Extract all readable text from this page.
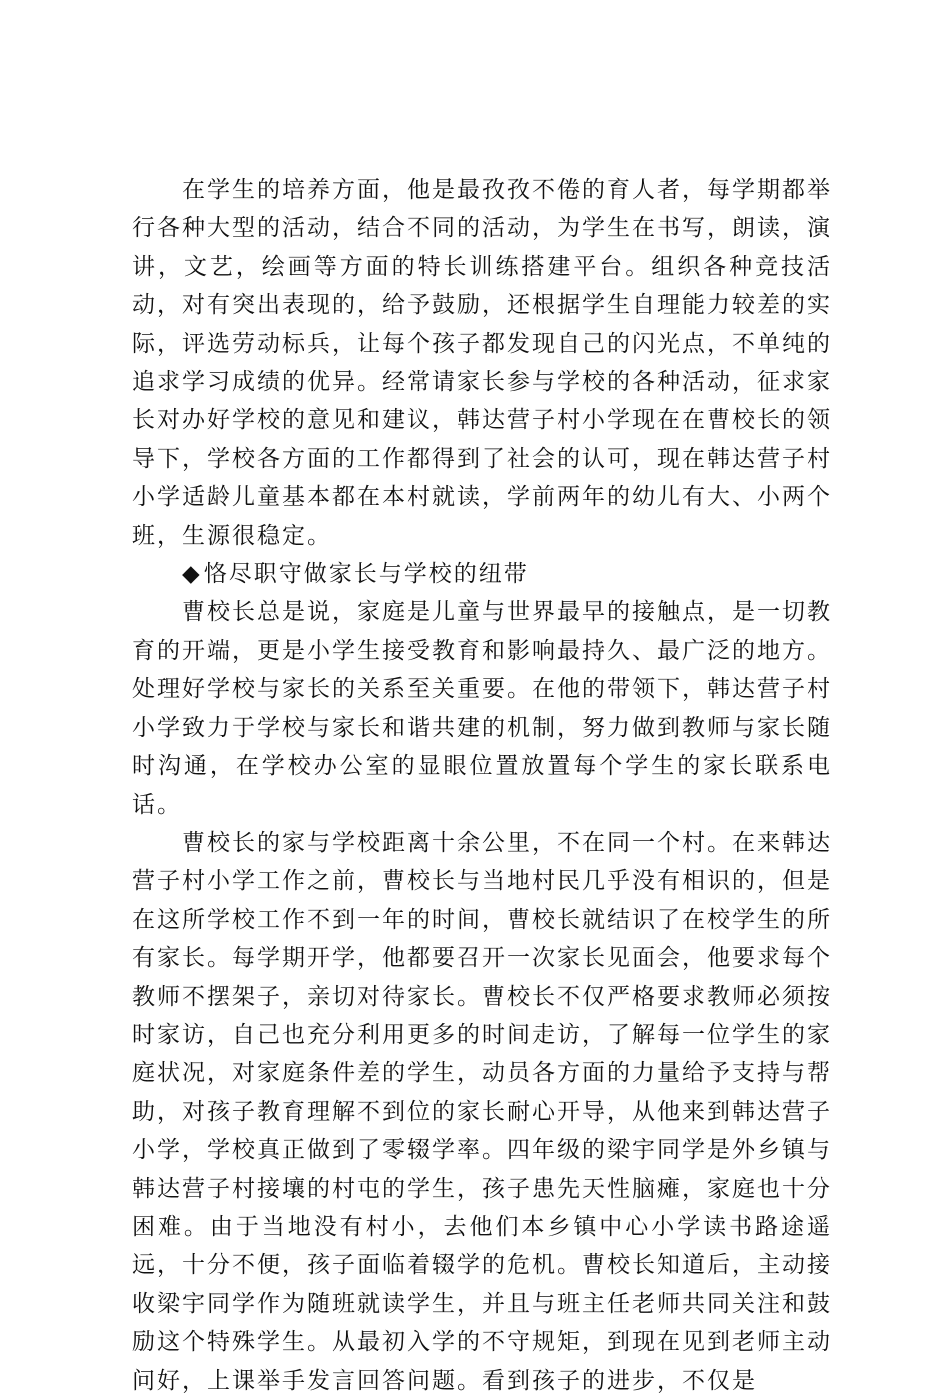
在学生的培养方面，他是最孜孜不倦的育人者，每学期都举行各种大型的活动，结合不同的活动，为学生在书写，朗读，演讲，文艺，绘画等方面的特长训练搭建平台。组织各种竞技活动，对有突出表现的，给予鼓励，还根据学生自理能力较差的实际，评选劳动标兵，让每个孩子都发现自己的闪光点，不单纯的追求学习成绩的优异。经常请家长参与学校的各种活动，征求家长对办好学校的意见和建议，韩达营子村小学现在在曹校长的领导下，学校各方面的工作都得到了社会的认可，现在韩达营子村小学适龄儿童基本都在本村就读，学前两年的幼儿有大、小两个班，生源很稳定。

◆恪尽职守做家长与学校的纽带

曹校长总是说，家庭是儿童与世界最早的接触点，是一切教育的开端，更是小学生接受教育和影响最持久、最广泛的地方。处理好学校与家长的关系至关重要。在他的带领下，韩达营子村小学致力于学校与家长和谐共建的机制，努力做到教师与家长随时沟通，在学校办公室的显眼位置放置每个学生的家长联系电话。

曹校长的家与学校距离十余公里，不在同一个村。在来韩达营子村小学工作之前，曹校长与当地村民几乎没有相识的，但是在这所学校工作不到一年的时间，曹校长就结识了在校学生的所有家长。每学期开学，他都要召开一次家长见面会，他要求每个教师不摆架子，亲切对待家长。曹校长不仅严格要求教师必须按时家访，自己也充分利用更多的时间走访，了解每一位学生的家庭状况，对家庭条件差的学生，动员各方面的力量给予支持与帮助，对孩子教育理解不到位的家长耐心开导，从他来到韩达营子小学，学校真正做到了零辍学率。四年级的梁宇同学是外乡镇与韩达营子村接壤的村屯的学生，孩子患先天性脑瘫，家庭也十分困难。由于当地没有村小，去他们本乡镇中心小学读书路途遥远，十分不便，孩子面临着辍学的危机。曹校长知道后，主动接收梁宇同学作为随班就读学生，并且与班主任老师共同关注和鼓励这个特殊学生。从最初入学的不守规矩，到现在见到老师主动问好，上课举手发言回答问题。看到孩子的进步，不仅是
